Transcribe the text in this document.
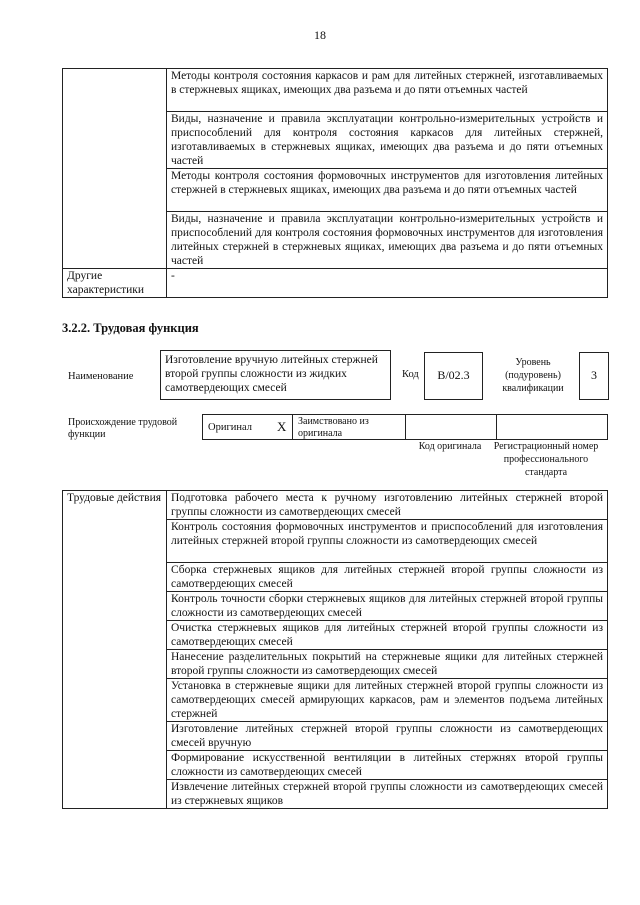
18
	Методы контроля состояния каркасов и рам для литейных стержней, изготавливаемых в стержневых ящиках, имеющих два разъема и до пяти отъемных частей
	Виды, назначение и правила эксплуатации контрольно-измерительных устройств и приспособлений для контроля состояния каркасов для литейных стержней, изготавливаемых в стержневых ящиках, имеющих два разъема и до пяти отъемных частей
	Методы контроля состояния формовочных инструментов для изготовления литейных стержней в стержневых ящиках, имеющих два разъема и до пяти отъемных частей
	Виды, назначение и правила эксплуатации контрольно-измерительных устройств и приспособлений для контроля состояния формовочных инструментов для изготовления литейных стержней в стержневых ящиках, имеющих два разъема и до пяти отъемных частей
Другие характеристики	-
3.2.2. Трудовая функция
Наименование
Изготовление вручную литейных стержней второй группы сложности из жидких самотвердеющих смесей
Код	B/02.3
Уровень (подуровень) квалификации
3
Происхождение трудовой функции
Оригинал X Заимствовано из оригинала
Код оригинала	Регистрационный номер профессионального стандарта
Трудовые действия	Подготовка рабочего места к ручному изготовлению литейных стержней второй группы сложности из самотвердеющих смесей
Контроль состояния формовочных инструментов и приспособлений для изготовления литейных стержней второй группы сложности из самотвердеющих смесей
Сборка стержневых ящиков для литейных стержней второй группы сложности из самотвердеющих смесей
Контроль точности сборки стержневых ящиков для литейных стержней второй группы сложности из самотвердеющих смесей
Очистка стержневых ящиков для литейных стержней второй группы сложности из самотвердеющих смесей
Нанесение разделительных покрытий на стержневые ящики для литейных стержней второй группы сложности из самотвердеющих смесей
Установка в стержневые ящики для литейных стержней второй группы сложности из самотвердеющих смесей армирующих каркасов, рам и элементов подъема литейных стержней
Изготовление литейных стержней второй группы сложности из самотвердеющих смесей вручную
Формирование искусственной вентиляции в литейных стержнях второй группы сложности из самотвердеющих смесей
Извлечение литейных стержней второй группы сложности из самотвердеющих смесей из стержневых ящиков
